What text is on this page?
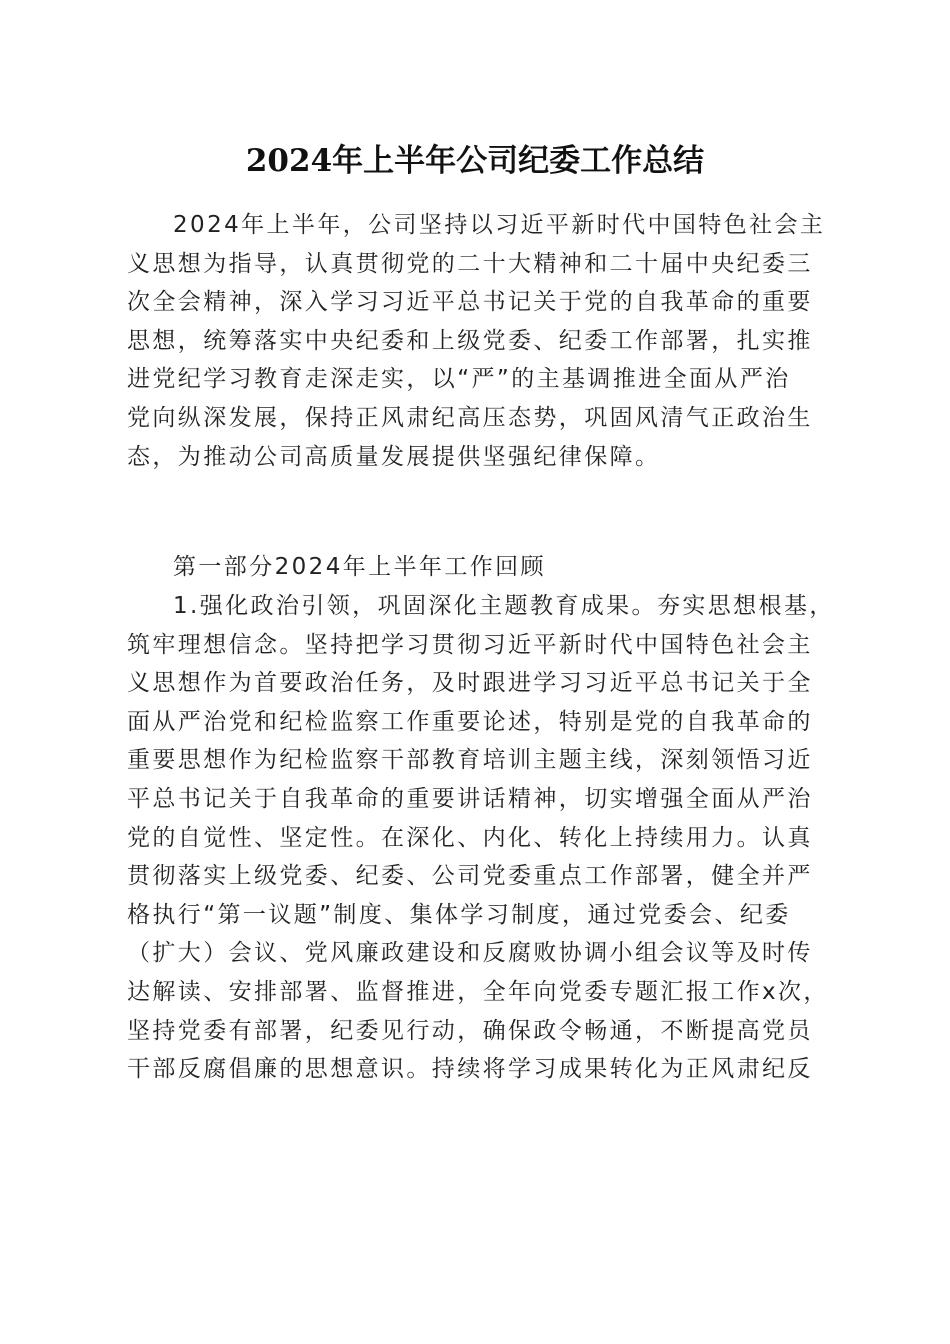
2024年上半年公司纪委工作总结
2024年上半年，公司坚持以习近平新时代中国特色社会主
义思想为指导，认真贯彻党的二十大精神和二十届中央纪委三
次全会精神，深入学习习近平总书记关于党的自我革命的重要
思想，统筹落实中央纪委和上级党委、纪委工作部署，扎实推
进党纪学习教育走深走实，以“严”的主基调推进全面从严治
党向纵深发展，保持正风肃纪高压态势，巩固风清气正政治生
态，为推动公司高质量发展提供坚强纪律保障。
第一部分2024年上半年工作回顾
1.强化政治引领，巩固深化主题教育成果。夯实思想根基，
筑牢理想信念。坚持把学习贯彻习近平新时代中国特色社会主
义思想作为首要政治任务，及时跟进学习习近平总书记关于全
面从严治党和纪检监察工作重要论述，特别是党的自我革命的
重要思想作为纪检监察干部教育培训主题主线，深刻领悟习近
平总书记关于自我革命的重要讲话精神，切实增强全面从严治
党的自觉性、坚定性。在深化、内化、转化上持续用力。认真
贯彻落实上级党委、纪委、公司党委重点工作部署，健全并严
格执行“第一议题”制度、集体学习制度，通过党委会、纪委
（扩大）会议、党风廉政建设和反腐败协调小组会议等及时传
达解读、安排部署、监督推进，全年向党委专题汇报工作x次，
坚持党委有部署，纪委见行动，确保政令畅通，不断提高党员
干部反腐倡廉的思想意识。持续将学习成果转化为正风肃纪反
